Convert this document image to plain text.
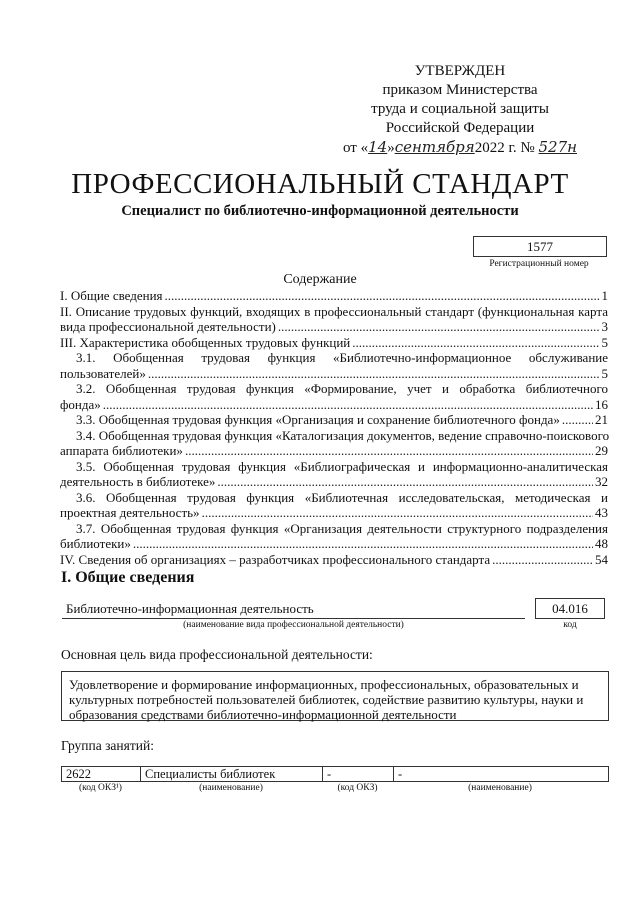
УТВЕРЖДЕН
приказом Министерства
труда и социальной защиты
Российской Федерации
от «14»сентября2022 г. № 527н
ПРОФЕССИОНАЛЬНЫЙ СТАНДАРТ
Специалист по библиотечно-информационной деятельности
1577
Регистрационный номер
Содержание
I. Общие сведения .....	1
II. Описание трудовых функций, входящих в профессиональный стандарт (функциональная карта
вида профессиональной деятельности) .....	3
III. Характеристика обобщенных трудовых функций .....	5
3.1. Обобщенная трудовая функция «Библиотечно-информационное обслуживание
пользователей» .....	5
3.2. Обобщенная трудовая функция «Формирование, учет и обработка библиотечного
фонда» .....	16
3.3. Обобщенная трудовая функция «Организация и сохранение библиотечного фонда» .....	21
3.4. Обобщенная трудовая функция «Каталогизация документов, ведение справочно-поискового
аппарата библиотеки» .....	29
3.5. Обобщенная трудовая функция «Библиографическая и информационно-аналитическая
деятельность в библиотеке» .....	32
3.6. Обобщенная трудовая функция «Библиотечная исследовательская, методическая и
проектная деятельность» .....	43
3.7. Обобщенная трудовая функция «Организация деятельности структурного подразделения
библиотеки» .....	48
IV. Сведения об организациях – разработчиках профессионального стандарта .....	54
I. Общие сведения
Библиотечно-информационная деятельность
(наименование вида профессиональной деятельности)
04.016
код
Основная цель вида профессиональной деятельности:
Удовлетворение и формирование информационных, профессиональных, образовательных и культурных потребностей пользователей библиотек, содействие развитию культуры, науки и образования средствами библиотечно-информационной деятельности
Группа занятий:
2622	Специалисты библиотек	-	-
(код ОКЗ¹)	(наименование)	(код ОКЗ)	(наименование)
